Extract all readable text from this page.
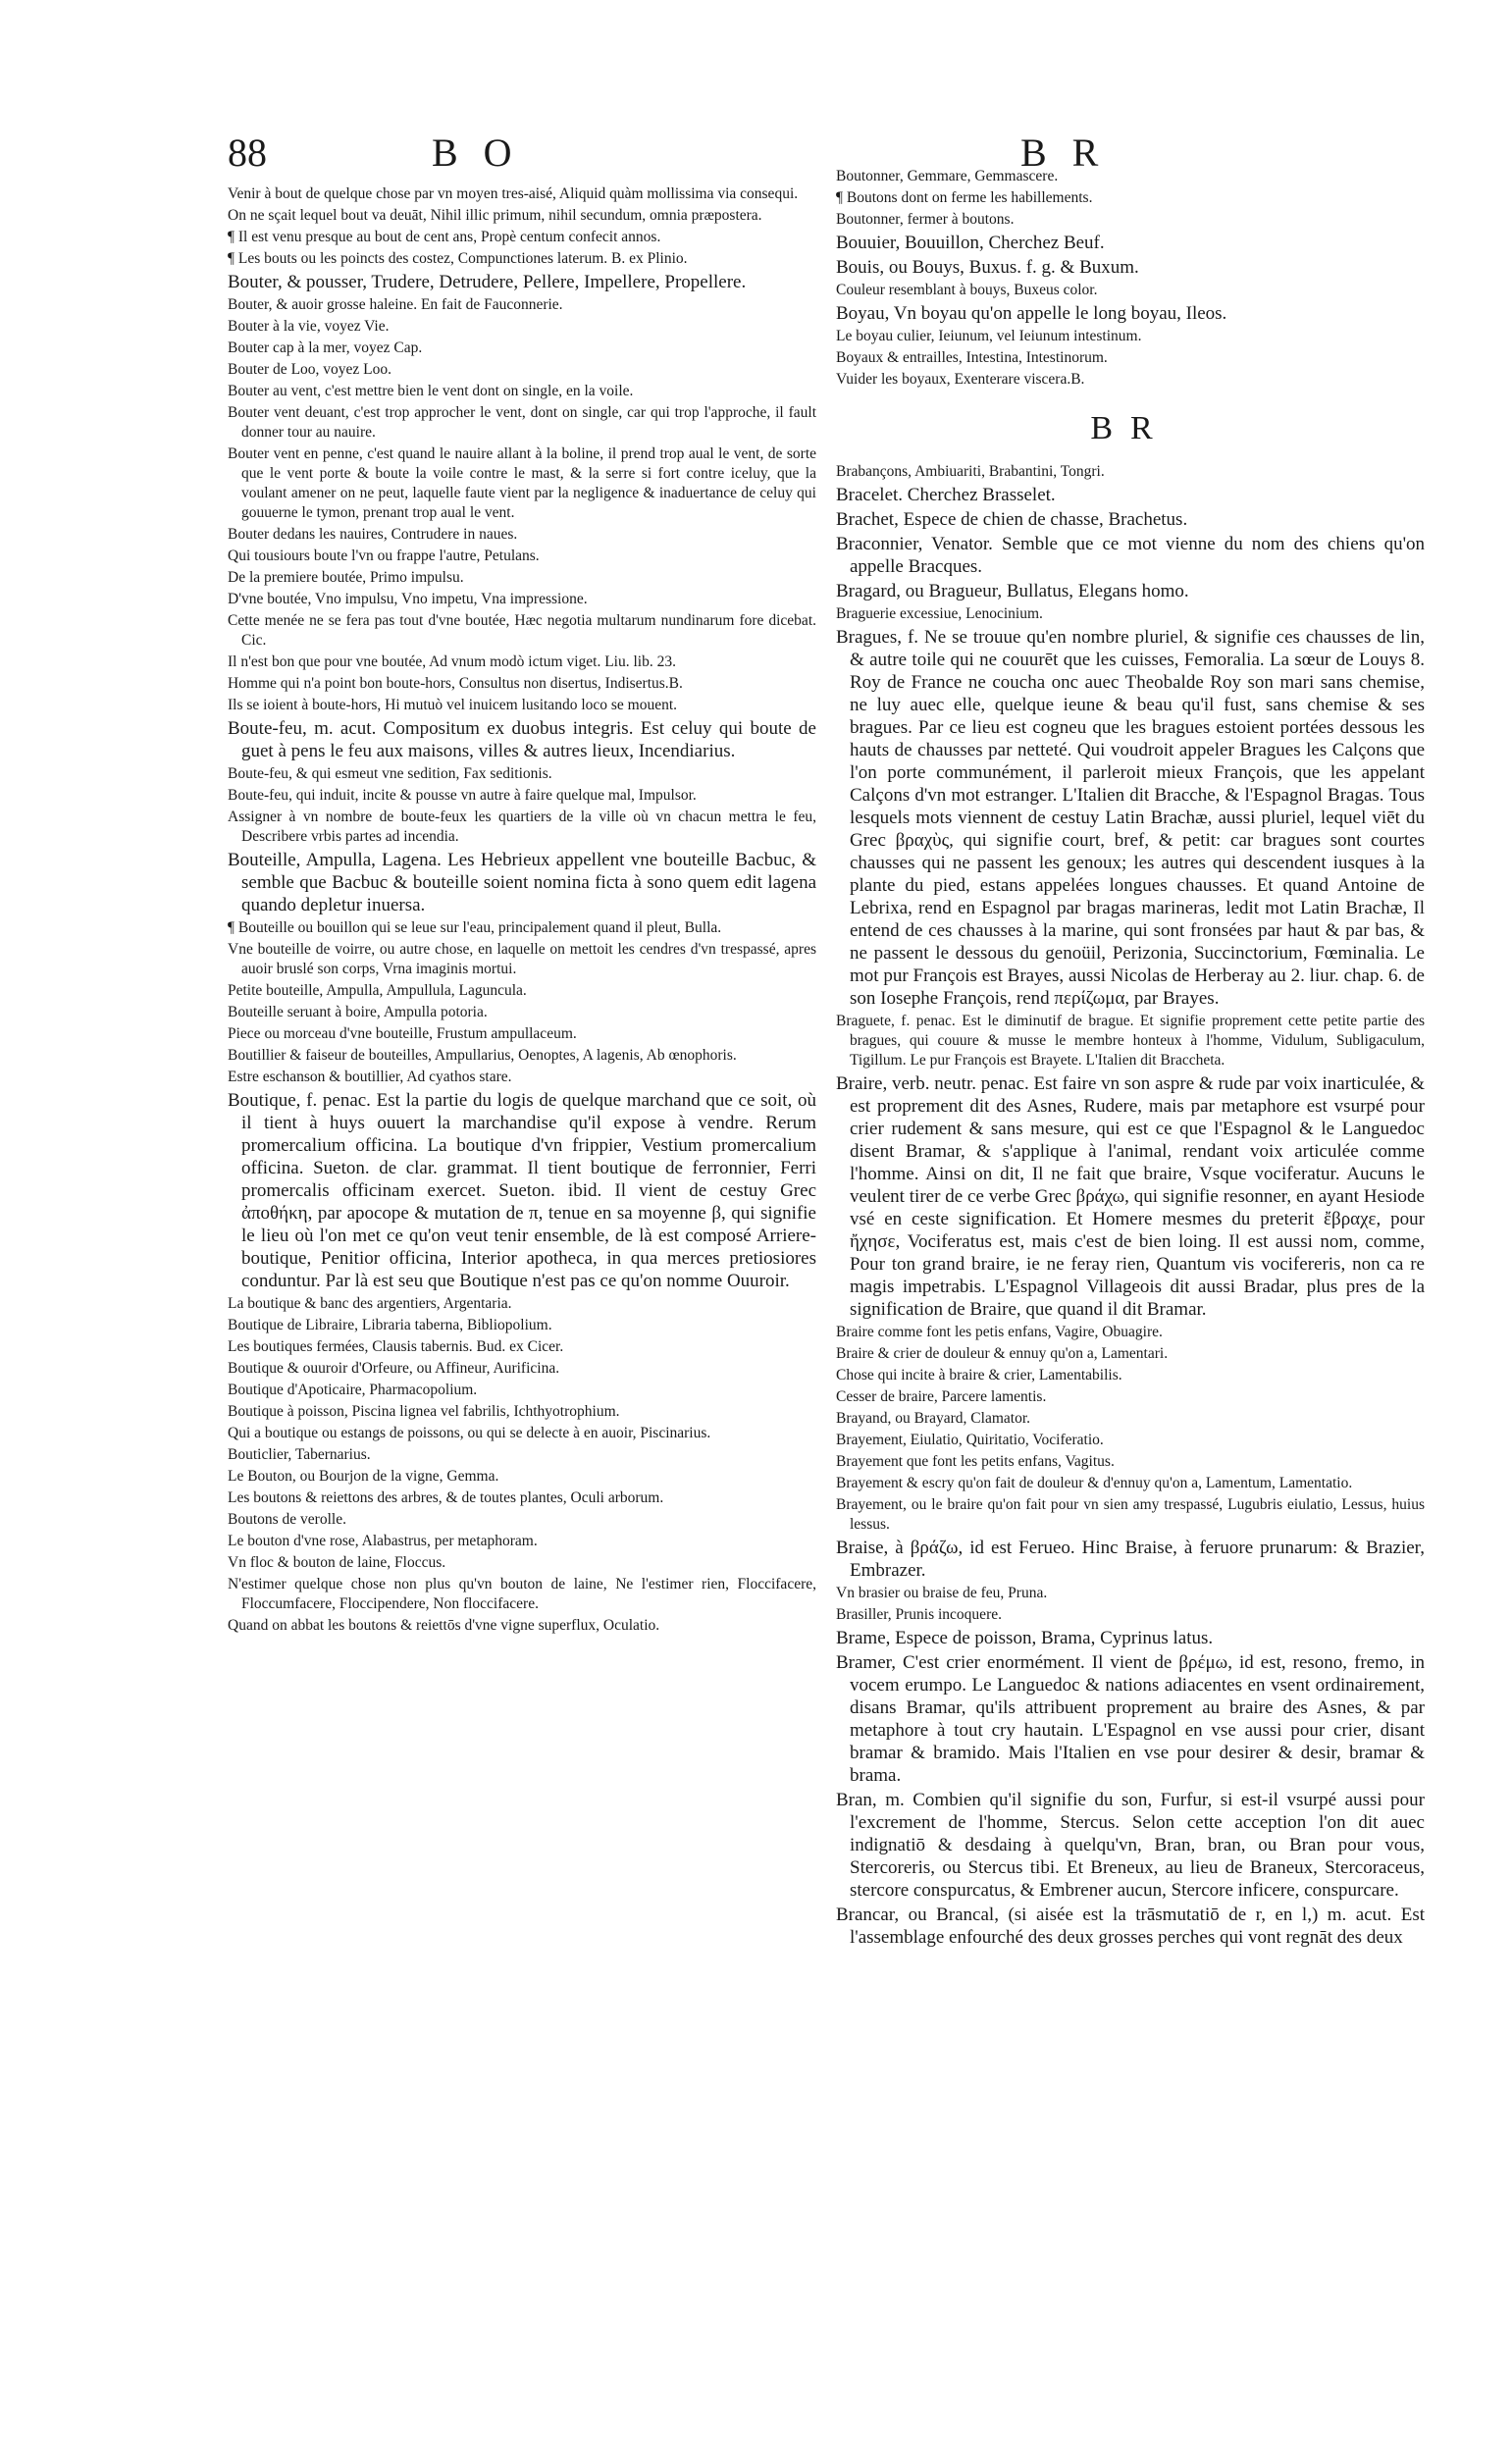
88	BO	BR

Venir à bout de quelque chose par vn moyen tres-aisé, Aliquid quàm mollissima via consequi.

On ne sçait lequel bout va deuāt, Nihil illic primum, nihil secundum, omnia præpostera.

¶ Il est venu presque au bout de cent ans, Propè centum confecit annos.

¶ Les bouts ou les poincts des costez, Compunctiones laterum. B. ex Plinio.

Bouter, & pousser, Trudere, Detrudere, Pellere, Impellere, Propellere.

Bouter, & auoir grosse haleine. En fait de Fauconnerie.

Bouter à la vie, voyez Vie.

Bouter cap à la mer, voyez Cap.

Bouter de Loo, voyez Loo.

Bouter au vent, c'est mettre bien le vent dont on single, en la voile.

Bouter vent deuant, c'est trop approcher le vent, dont on single, car qui trop l'approche, il fault donner tour au nauire.

Bouter vent en penne, c'est quand le nauire allant à la boline, il prend trop aual le vent, de sorte que le vent porte & boute la voile contre le mast, & la serre si fort contre iceluy, que la voulant amener on ne peut, laquelle faute vient par la negligence & inaduertance de celuy qui gouuerne le tymon, prenant trop aual le vent.

Bouter dedans les nauires, Contrudere in naues.

Qui tousiours boute l'vn ou frappe l'autre, Petulans.

De la premiere boutée, Primo impulsu.

D'vne boutée, Vno impulsu, Vno impetu, Vna impressione.

Cette menée ne se fera pas tout d'vne boutée, Hæc negotia multarum nundinarum fore dicebat. Cic.

Il n'est bon que pour vne boutée, Ad vnum modò ictum viget. Liu. lib. 23.

Homme qui n'a point bon boute-hors, Consultus non disertus, Indisertus.B.

Ils se ioient à boute-hors, Hi mutuò vel inuicem lusitando loco se mouent.

Boute-feu, m. acut. Compositum ex duobus integris. Est celuy qui boute de guet à pens le feu aux maisons, villes & autres lieux, Incendiarius.

Boute-feu, & qui esmeut vne sedition, Fax seditionis.

Boute-feu, qui induit, incite & pousse vn autre à faire quelque mal, Impulsor.

Assigner à vn nombre de boute-feux les quartiers de la ville où vn chacun mettra le feu, Describere vrbis partes ad incendia.

Bouteille, Ampulla, Lagena. Les Hebrieux appellent vne bouteille Bacbuc, & semble que Bacbuc & bouteille soient nomina ficta à sono quem edit lagena quando depletur inuersa.

¶ Bouteille ou bouillon qui se leue sur l'eau, principalement quand il pleut, Bulla.

Vne bouteille de voirre, ou autre chose, en laquelle on mettoit les cendres d'vn trespassé, apres auoir bruslé son corps, Vrna imaginis mortui.

Petite bouteille, Ampulla, Ampullula, Laguncula.

Bouteille seruant à boire, Ampulla potoria.

Piece ou morceau d'vne bouteille, Frustum ampullaceum.

Boutillier & faiseur de bouteilles, Ampullarius, Oenoptes, A lagenis, Ab œnophoris.

Estre eschanson & boutillier, Ad cyathos stare.

Boutique, f. penac. Est la partie du logis de quelque marchand que ce soit, où il tient à huys ouuert la marchandise qu'il expose à vendre. Rerum promercalium officina. La boutique d'vn frippier, Vestium promercalium officina. Sueton. de clar. grammat. Il tient boutique de ferronnier, Ferri promercalis officinam exercet. Sueton. ibid. Il vient de cestuy Grec ἀποθήκη, par apocope & mutation de π, tenue en sa moyenne β, qui signifie le lieu où l'on met ce qu'on veut tenir ensemble, de là est composé Arriere-boutique, Penitior officina, Interior apotheca, in qua merces pretiosiores conduntur. Par là est seu que Boutique n'est pas ce qu'on nomme Ouuroir.

La boutique & banc des argentiers, Argentaria.

Boutique de Libraire, Libraria taberna, Bibliopolium.

Les boutiques fermées, Clausis tabernis. Bud. ex Cicer.

Boutique & ouuroir d'Orfeure, ou Affineur, Aurificina.

Boutique d'Apoticaire, Pharmacopolium.

Boutique à poisson, Piscina lignea vel fabrilis, Ichthyotrophium.

Qui a boutique ou estangs de poissons, ou qui se delecte à en auoir, Piscinarius.

Bouticlier, Tabernarius.

Le Bouton, ou Bourjon de la vigne, Gemma.

Les boutons & reiettons des arbres, & de toutes plantes, Oculi arborum.

Boutons de verolle.

Le bouton d'vne rose, Alabastrus, per metaphoram.

Vn floc & bouton de laine, Floccus.

N'estimer quelque chose non plus qu'vn bouton de laine, Ne l'estimer rien, Floccifacere, Floccumfacere, Floccipendere, Non floccifacere.

Quand on abbat les boutons & reiettōs d'vne vigne superflux, Oculatio.

Boutonner, Gemmare, Gemmascere.

¶ Boutons dont on ferme les habillements.

Boutonner, fermer à boutons.

Bouuier, Bouuillon, Cherchez Beuf.

Bouis, ou Bouys, Buxus. f. g. & Buxum.

Couleur resemblant à bouys, Buxeus color.

Boyau, Vn boyau qu'on appelle le long boyau, Ileos.

Le boyau culier, Ieiunum, vel Ieiunum intestinum.

Boyaux & entrailles, Intestina, Intestinorum.

Vuider les boyaux, Exenterare viscera.B.

BR

Brabançons, Ambiuariti, Brabantini, Tongri.

Bracelet. Cherchez Brasselet.

Brachet, Espece de chien de chasse, Brachetus.

Braconnier, Venator. Semble que ce mot vienne du nom des chiens qu'on appelle Bracques.

Bragard, ou Bragueur, Bullatus, Elegans homo.

Braguerie excessiue, Lenocinium.

Bragues, f. Ne se trouue qu'en nombre pluriel, & signifie ces chausses de lin, & autre toile qui ne couurēt que les cuisses, Femoralia. La sœur de Louys 8. Roy de France ne coucha onc auec Theobalde Roy son mari sans chemise, ne luy auec elle, quelque ieune & beau qu'il fust, sans chemise & ses bragues. Par ce lieu est cogneu que les bragues estoient portées dessous les hauts de chausses par netteté. Qui voudroit appeler Bragues les Calçons que l'on porte communément, il parleroit mieux François, que les appelant Calçons d'vn mot estranger. L'Italien dit Bracche, & l'Espagnol Bragas. Tous lesquels mots viennent de cestuy Latin Brachæ, aussi pluriel, lequel viēt du Grec βραχὺς, qui signifie court, bref, & petit: car bragues sont courtes chausses qui ne passent les genoux; les autres qui descendent iusques à la plante du pied, estans appelées longues chausses. Et quand Antoine de Lebrixa, rend en Espagnol par bragas marineras, ledit mot Latin Brachæ, Il entend de ces chausses à la marine, qui sont fronsées par haut & par bas, & ne passent le dessous du genoüil, Perizonia, Succinctorium, Fœminalia. Le mot pur François est Brayes, aussi Nicolas de Herberay au 2. liur. chap. 6. de son Iosephe François, rend περίζωμα, par Brayes.

Braguete, f. penac. Est le diminutif de brague. Et signifie proprement cette petite partie des bragues, qui couure & musse le membre honteux à l'homme, Vidulum, Subligaculum, Tigillum. Le pur François est Brayete. L'Italien dit Braccheta.

Braire, verb. neutr. penac. Est faire vn son aspre & rude par voix inarticulée, & est proprement dit des Asnes, Rudere, mais par metaphore est vsurpé pour crier rudement & sans mesure, qui est ce que l'Espagnol & le Languedoc disent Bramar, & s'applique à l'animal, rendant voix articulée comme l'homme. Ainsi on dit, Il ne fait que braire, Vsque vociferatur. Aucuns le veulent tirer de ce verbe Grec βράχω, qui signifie resonner, en ayant Hesiode vsé en ceste signification. Et Homere mesmes du preterit ἔβραχε, pour ἤχησε, Vociferatus est, mais c'est de bien loing. Il est aussi nom, comme, Pour ton grand braire, ie ne feray rien, Quantum vis vocifereris, non ca re magis impetrabis. L'Espagnol Villageois dit aussi Bradar, plus pres de la signification de Braire, que quand il dit Bramar.

Braire comme font les petis enfans, Vagire, Obuagire.

Braire & crier de douleur & ennuy qu'on a, Lamentari.

Chose qui incite à braire & crier, Lamentabilis.

Cesser de braire, Parcere lamentis.

Brayand, ou Brayard, Clamator.

Brayement, Eiulatio, Quiritatio, Vociferatio.

Brayement que font les petits enfans, Vagitus.

Brayement & escry qu'on fait de douleur & d'ennuy qu'on a, Lamentum, Lamentatio.

Brayement, ou le braire qu'on fait pour vn sien amy trespassé, Lugubris eiulatio, Lessus, huius lessus.

Braise, à βράζω, id est Ferueo. Hinc Braise, à feruore prunarum: & Brazier, Embrazer.

Vn brasier ou braise de feu, Pruna.

Brasiller, Prunis incoquere.

Brame, Espece de poisson, Brama, Cyprinus latus.

Bramer, C'est crier enormément. Il vient de βρέμω, id est, resono, fremo, in vocem erumpo. Le Languedoc & nations adiacentes en vsent ordinairement, disans Bramar, qu'ils attribuent proprement au braire des Asnes, & par metaphore à tout cry hautain. L'Espagnol en vse aussi pour crier, disant bramar & bramido. Mais l'Italien en vse pour desirer & desir, bramar & brama.

Bran, m. Combien qu'il signifie du son, Furfur, si est-il vsurpé aussi pour l'excrement de l'homme, Stercus. Selon cette acception l'on dit auec indignatiō & desdaing à quelqu'vn, Bran, bran, ou Bran pour vous, Stercoreris, ou Stercus tibi. Et Breneux, au lieu de Braneux, Stercoraceus, stercore conspurcatus, & Embrener aucun, Stercore inficere, conspurcare.

Brancar, ou Brancal, (si aisée est la trāsmutatiō de r, en l,) m. acut. Est l'assemblage enfourché des deux grosses perches qui vont regnāt des deux
